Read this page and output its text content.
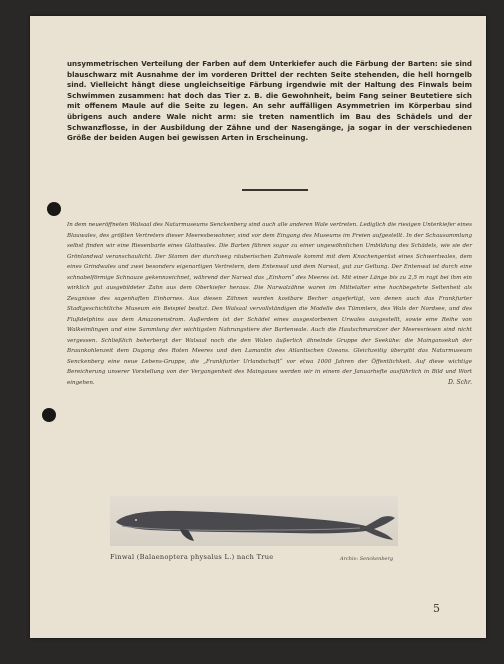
unsymmetrischen Verteilung der Farben auf dem Unterkiefer auch die Färbung der Barten: sie sind blauschwarz mit Ausnahme der im vorderen Drittel der rechten Seite stehenden, die hell horngelb sind. Vielleicht hängt diese ungleichseitige Färbung irgendwie mit der Haltung des Finwals beim Schwimmen zusammen: hat doch das Tier z. B. die Gewohnheit, beim Fang seiner Beutetiere sich mit offenem Maule auf die Seite zu legen. An sehr auffälligen Asymmetrien im Körperbau sind übrigens auch andere Wale nicht arm: sie treten namentlich im Bau des Schädels und der Schwanzflosse, in der Ausbildung der Zähne und der Nasengänge, ja sogar in der verschiedenen Größe der beiden Augen bei gewissen Arten in Erscheinung.

In dem neueröffneten Walsaal des Naturmuseums Senckenberg sind auch alle anderen Wale vertreten. Lediglich die riesigen Unterkiefer eines Blauwales, des größten Vertreters dieser Meeresbewohner, sind vor dem Eingang des Museums im Freien aufgestellt. In der Schausammlung selbst finden wir eine Riesenbarte eines Glattwales. Die Barten führen sogar zu einer ungewöhnlichen Umbildung des Schädels, wie sie der Grönlandwal veranschaulicht. Der Stamm der durchweg räuberischen Zahnwale kommt mit dem Knochengerüst eines Schwertwales, dem eines Grindwales und zwei besonders eigenartigen Vertretern, dem Entenwal und dem Narwal, gut zur Geltung. Der Entenwal ist durch eine schnabelförmige Schnauze gekennzeichnet, während der Narwal das „Einhorn“ des Meeres ist. Mit einer Länge bis zu 2,5 m ragt bei ihm ein wirklich gut ausgebildeter Zahn aus dem Oberkiefer heraus. Die Narwalzähne waren im Mittelalter eine hochbegehrte Seltenheit als Zeugnisse des sagenhaften Einhornes. Aus diesen Zähnen wurden kostbare Becher angefertigt, von denen auch das Frankfurter Stadtgeschichtliche Museum ein Beispiel besitzt. Den Walsaal vervollständigen die Modelle des Tümmlers, des Wals der Nordsee, und des Flußdelphins aus dem Amazonenstrom. Außerdem ist der Schädel eines ausgestorbenen Urwales ausgestellt, sowie eine Reihe von Walkeimlingen und eine Sammlung der wichtigsten Nahrungstiere der Bartenwale. Auch die Hautschmarotzer der Meeresriesen sind nicht vergessen. Schließlich beherbergt der Walsaal noch die den Walen äußerlich ähnelnde Gruppe der Seekühe: die Maingansekuh der Braunkohlenzeit dem Dugong des Roten Meeres und den Lamantin des Atlantischen Ozeans. Gleichzeitig übergibt das Naturmuseum Senckenberg eine neue Lebens-Gruppe, die „Frankfurter Urlandschaft“ vor etwa 1000 Jahren der Öffentlichkeit. Auf diese wichtige Bereicherung unserer Vorstellung von der Vergangenheit des Maingaues werden wir in einem der Januarhefte ausführlich in Bild und Wort eingehen.	D. Schr.

Finwal (Balaenoptera physalus L.) nach True	Archiv: Senckenberg
5
